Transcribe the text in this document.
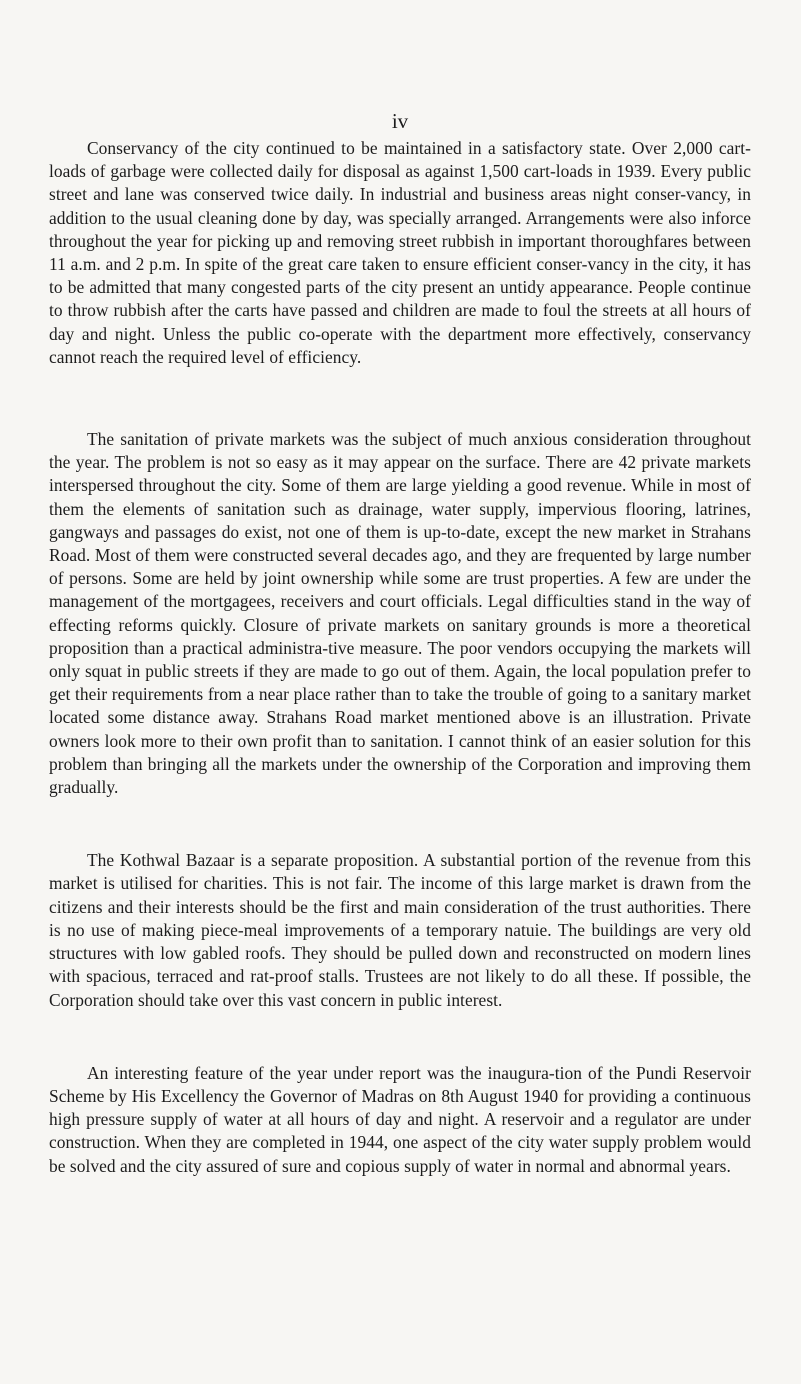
iv

Conservancy of the city continued to be maintained in a satisfactory state. Over 2,000 cart-loads of garbage were collected daily for disposal as against 1,500 cart-loads in 1939. Every public street and lane was conserved twice daily. In industrial and business areas night conser-vancy, in addition to the usual cleaning done by day, was specially arranged. Arrangements were also inforce throughout the year for picking up and removing street rubbish in important thoroughfares between 11 a.m. and 2 p.m. In spite of the great care taken to ensure efficient conser-vancy in the city, it has to be admitted that many congested parts of the city present an untidy appearance. People continue to throw rubbish after the carts have passed and children are made to foul the streets at all hours of day and night. Unless the public co-operate with the department more effectively, conservancy cannot reach the required level of efficiency.

The sanitation of private markets was the subject of much anxious consideration throughout the year. The problem is not so easy as it may appear on the surface. There are 42 private markets interspersed throughout the city. Some of them are large yielding a good revenue. While in most of them the elements of sanitation such as drainage, water supply, impervious flooring, latrines, gangways and passages do exist, not one of them is up-to-date, except the new market in Strahans Road. Most of them were constructed several decades ago, and they are frequented by large number of persons. Some are held by joint ownership while some are trust properties. A few are under the management of the mortgagees, receivers and court officials. Legal difficulties stand in the way of effecting reforms quickly. Closure of private markets on sanitary grounds is more a theoretical proposition than a practical administra-tive measure. The poor vendors occupying the markets will only squat in public streets if they are made to go out of them. Again, the local population prefer to get their requirements from a near place rather than to take the trouble of going to a sanitary market located some distance away. Strahans Road market mentioned above is an illustration. Private owners look more to their own profit than to sanitation. I cannot think of an easier solution for this problem than bringing all the markets under the ownership of the Corporation and improving them gradually.

The Kothwal Bazaar is a separate proposition. A substantial portion of the revenue from this market is utilised for charities. This is not fair. The income of this large market is drawn from the citizens and their interests should be the first and main consideration of the trust authorities. There is no use of making piece-meal improvements of a temporary natuie. The buildings are very old structures with low gabled roofs. They should be pulled down and reconstructed on modern lines with spacious, terraced and rat-proof stalls. Trustees are not likely to do all these. If possible, the Corporation should take over this vast concern in public interest.

An interesting feature of the year under report was the inaugura-tion of the Pundi Reservoir Scheme by His Excellency the Governor of Madras on 8th August 1940 for providing a continuous high pressure supply of water at all hours of day and night. A reservoir and a regulator are under construction. When they are completed in 1944, one aspect of the city water supply problem would be solved and the city assured of sure and copious supply of water in normal and abnormal years.
